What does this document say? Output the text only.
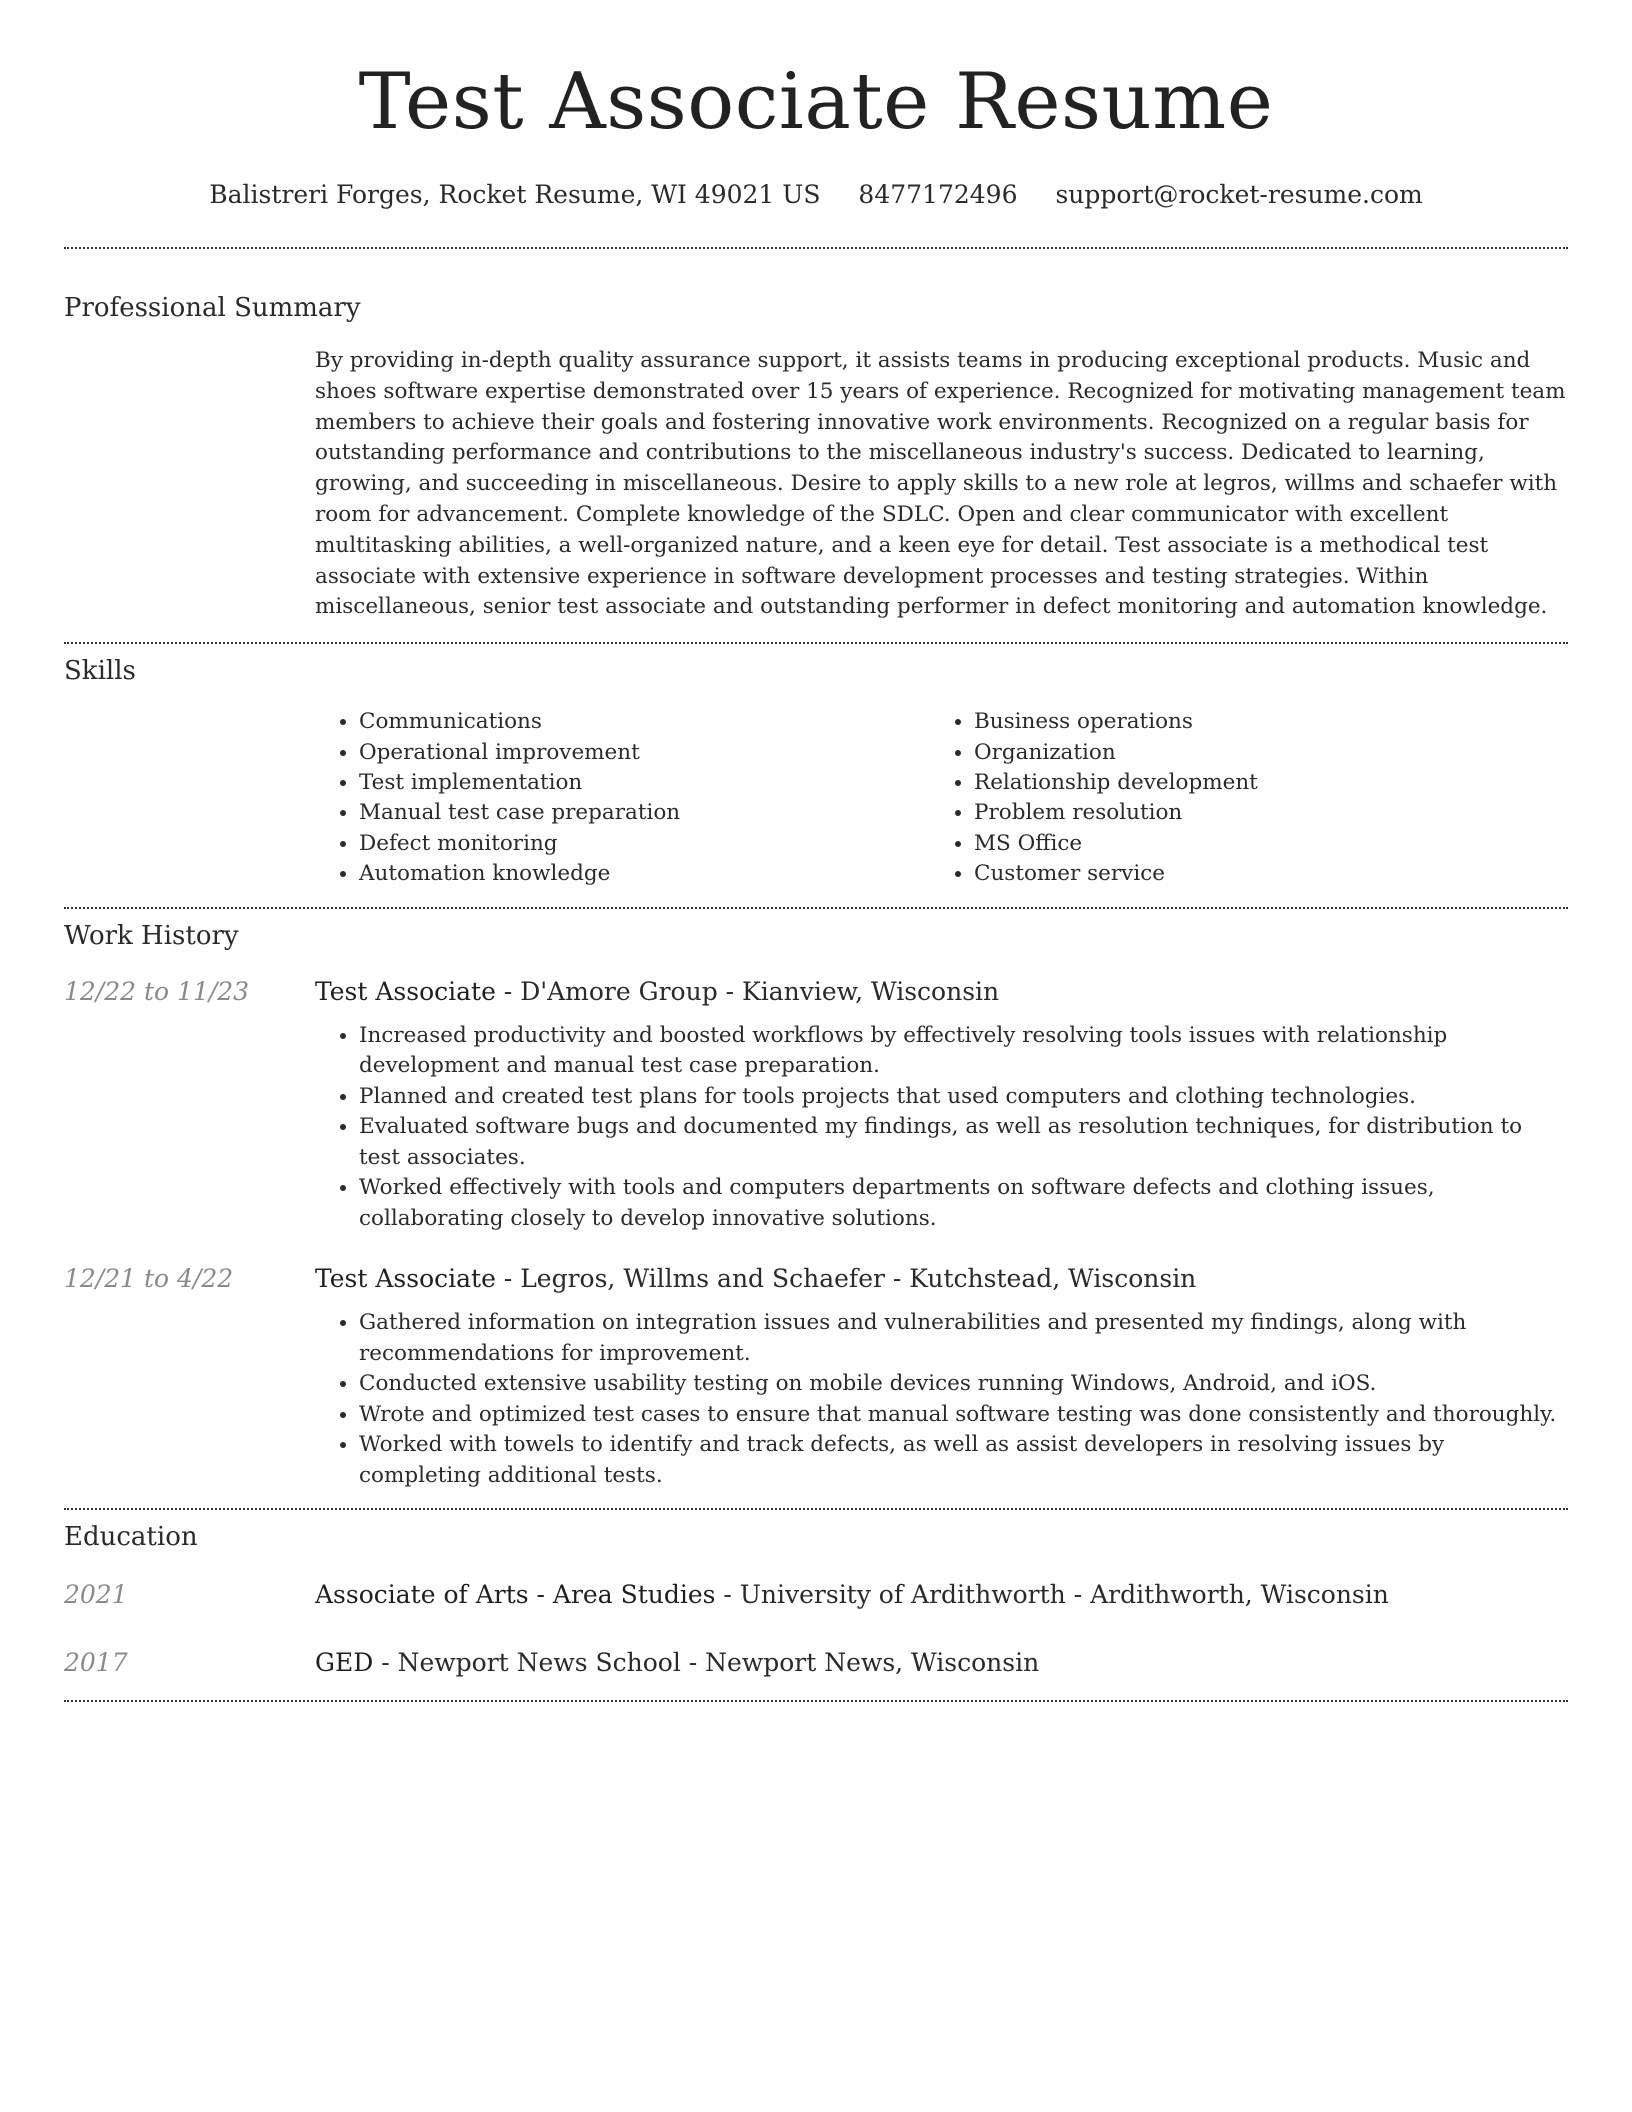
Test Associate Resume
Balistreri Forges, Rocket Resume, WI 49021 US 8477172496 support@rocket-resume.com
Professional Summary

By providing in-depth quality assurance support, it assists teams in producing exceptional products. Music and shoes software expertise demonstrated over 15 years of experience. Recognized for motivating management team members to achieve their goals and fostering innovative work environments. Recognized on a regular basis for outstanding performance and contributions to the miscellaneous industry's success. Dedicated to learning, growing, and succeeding in miscellaneous. Desire to apply skills to a new role at legros, willms and schaefer with room for advancement. Complete knowledge of the SDLC. Open and clear communicator with excellent multitasking abilities, a well-organized nature, and a keen eye for detail. Test associate is a methodical test associate with extensive experience in software development processes and testing strategies. Within miscellaneous, senior test associate and outstanding performer in defect monitoring and automation knowledge.

Skills
• Communications
• Operational improvement
• Test implementation
• Manual test case preparation
• Defect monitoring
• Automation knowledge
• Business operations
• Organization
• Relationship development
• Problem resolution
• MS Office
• Customer service
Work History
12/22 to 11/23	Test Associate - D'Amore Group - Kianview, Wisconsin
• Increased productivity and boosted workflows by effectively resolving tools issues with relationship development and manual test case preparation.
• Planned and created test plans for tools projects that used computers and clothing technologies.
• Evaluated software bugs and documented my findings, as well as resolution techniques, for distribution to test associates.
• Worked effectively with tools and computers departments on software defects and clothing issues, collaborating closely to develop innovative solutions.
12/21 to 4/22	Test Associate - Legros, Willms and Schaefer - Kutchstead, Wisconsin
• Gathered information on integration issues and vulnerabilities and presented my findings, along with recommendations for improvement.
• Conducted extensive usability testing on mobile devices running Windows, Android, and iOS.
• Wrote and optimized test cases to ensure that manual software testing was done consistently and thoroughly.
• Worked with towels to identify and track defects, as well as assist developers in resolving issues by completing additional tests.
Education
2021	Associate of Arts - Area Studies - University of Ardithworth - Ardithworth, Wisconsin
2017	GED - Newport News School - Newport News, Wisconsin
